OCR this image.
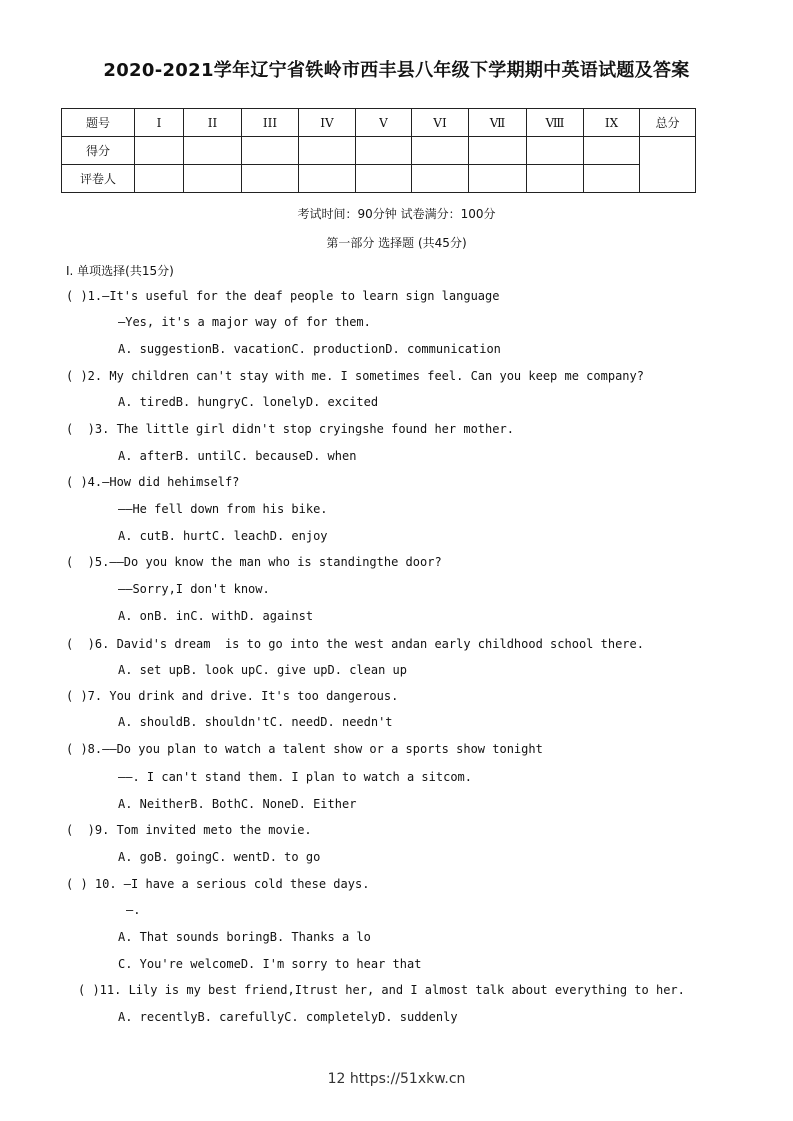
2020-2021学年辽宁省铁岭市西丰县八年级下学期期中英语试题及答案
题号	I	II	III	IV	V	VI	Ⅶ	Ⅷ	IX	总分
得分										
评卷人										
考试时间：90分钟 试卷满分：100分
第一部分 选择题 (共45分)
I. 单项选择(共15分)
( )1.—It's useful for the deaf people to learn sign language
—Yes, it's a major way of for them.
A. suggestionB. vacationC. productionD. communication
( )2. My children can't stay with me. I sometimes feel. Can you keep me company?
A. tiredB. hungryC. lonelyD. excited
(  )3. The little girl didn't stop cryingshe found her mother.
A. afterB. untilC. becauseD. when
( )4.—How did hehimself?
——He fell down from his bike.
A. cutB. hurtC. leachD. enjoy
(  )5.——Do you know the man who is standingthe door?
——Sorry,I don't know.
A. onB. inC. withD. against
(  )6. David's dream  is to go into the west andan early childhood school there.
A. set upB. look upC. give upD. clean up
( )7. You drink and drive. It's too dangerous.
A. shouldB. shouldn'tC. needD. needn't
( )8.——Do you plan to watch a talent show or a sports show tonight
——. I can't stand them. I plan to watch a sitcom.
A. NeitherB. BothC. NoneD. Either
(  )9. Tom invited meto the movie.
A. goB. goingC. wentD. to go
( ) 10. —I have a serious cold these days.
—.
A. That sounds boringB. Thanks a lo
C. You're welcomeD. I'm sorry to hear that
( )11. Lily is my best friend,Itrust her, and I almost talk about everything to her.
A. recentlyB. carefullyC. completelyD. suddenly
12 https://51xkw.cn
